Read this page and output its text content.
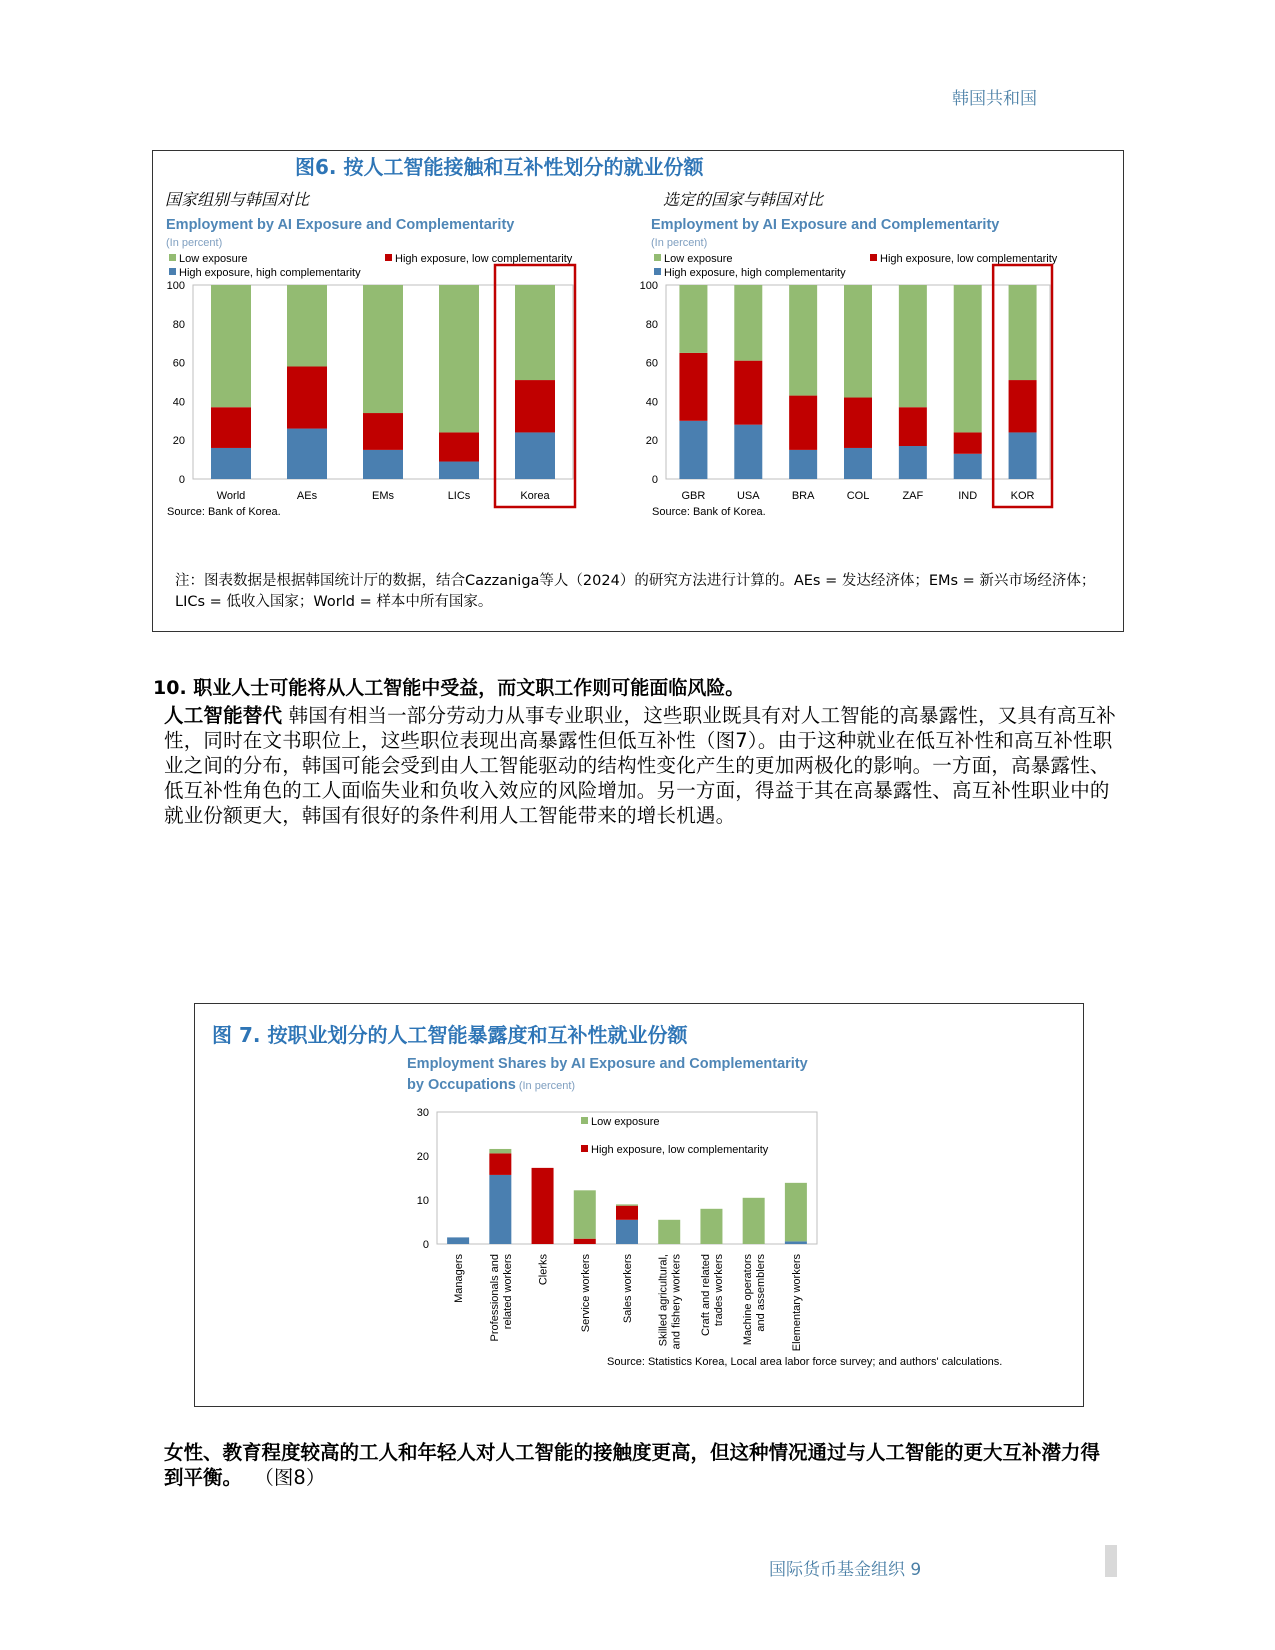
韩国共和国
图6. 按人工智能接触和互补性划分的就业份额
国家组别与韩国对比	选定的国家与韩国对比
Employment by AI Exposure and Complementarity
(In percent)
Low exposure	High exposure, low complementarity
High exposure, high complementarity
0
20
40
60
80
100
World	AEs	EMs	LICs	Korea
Source: Bank of Korea.
Employment by AI Exposure and Complementarity
(In percent)
Low exposure	High exposure, low complementarity
High exposure, high complementarity
0
20
40
60
80
100
GBR	USA	BRA	COL	ZAF	IND	KOR
Source: Bank of Korea.
注：图表数据是根据韩国统计厅的数据，结合Cazzaniga等人（2024）的研究方法进行计算的。AEs = 发达经济体；EMs = 新兴市场经济体；LICs = 低收入国家；World = 样本中所有国家。
10. 职业人士可能将从人工智能中受益，而文职工作则可能面临风险。
人工智能替代 韩国有相当一部分劳动力从事专业职业，这些职业既具有对人工智能的高暴露性，又具有高互补性，同时在文书职位上，这些职位表现出高暴露性但低互补性（图7）。由于这种就业在低互补性和高互补性职业之间的分布，韩国可能会受到由人工智能驱动的结构性变化产生的更加两极化的影响。一方面，高暴露性、低互补性角色的工人面临失业和负收入效应的风险增加。另一方面，得益于其在高暴露性、高互补性职业中的就业份额更大，韩国有很好的条件利用人工智能带来的增长机遇。
图 7. 按职业划分的人工智能暴露度和互补性就业份额
Employment Shares by AI Exposure and Complementarity
by Occupations (In percent)
Low exposure
High exposure, low complementarity
0
10
20
30
Managers Professionals andrelated workers Clerks	Service workers	Sales workers Skilled agricultural,and fishery workers Craft and relatedtrades workers Machine operatorsand assemblers Elementary workers
Source: Statistics Korea, Local area labor force survey; and authors' calculations.
女性、教育程度较高的工人和年轻人对人工智能的接触度更高，但这种情况通过与人工智能的更大互补潜力得到平衡。 （图8）
国际货币基金组织 9
